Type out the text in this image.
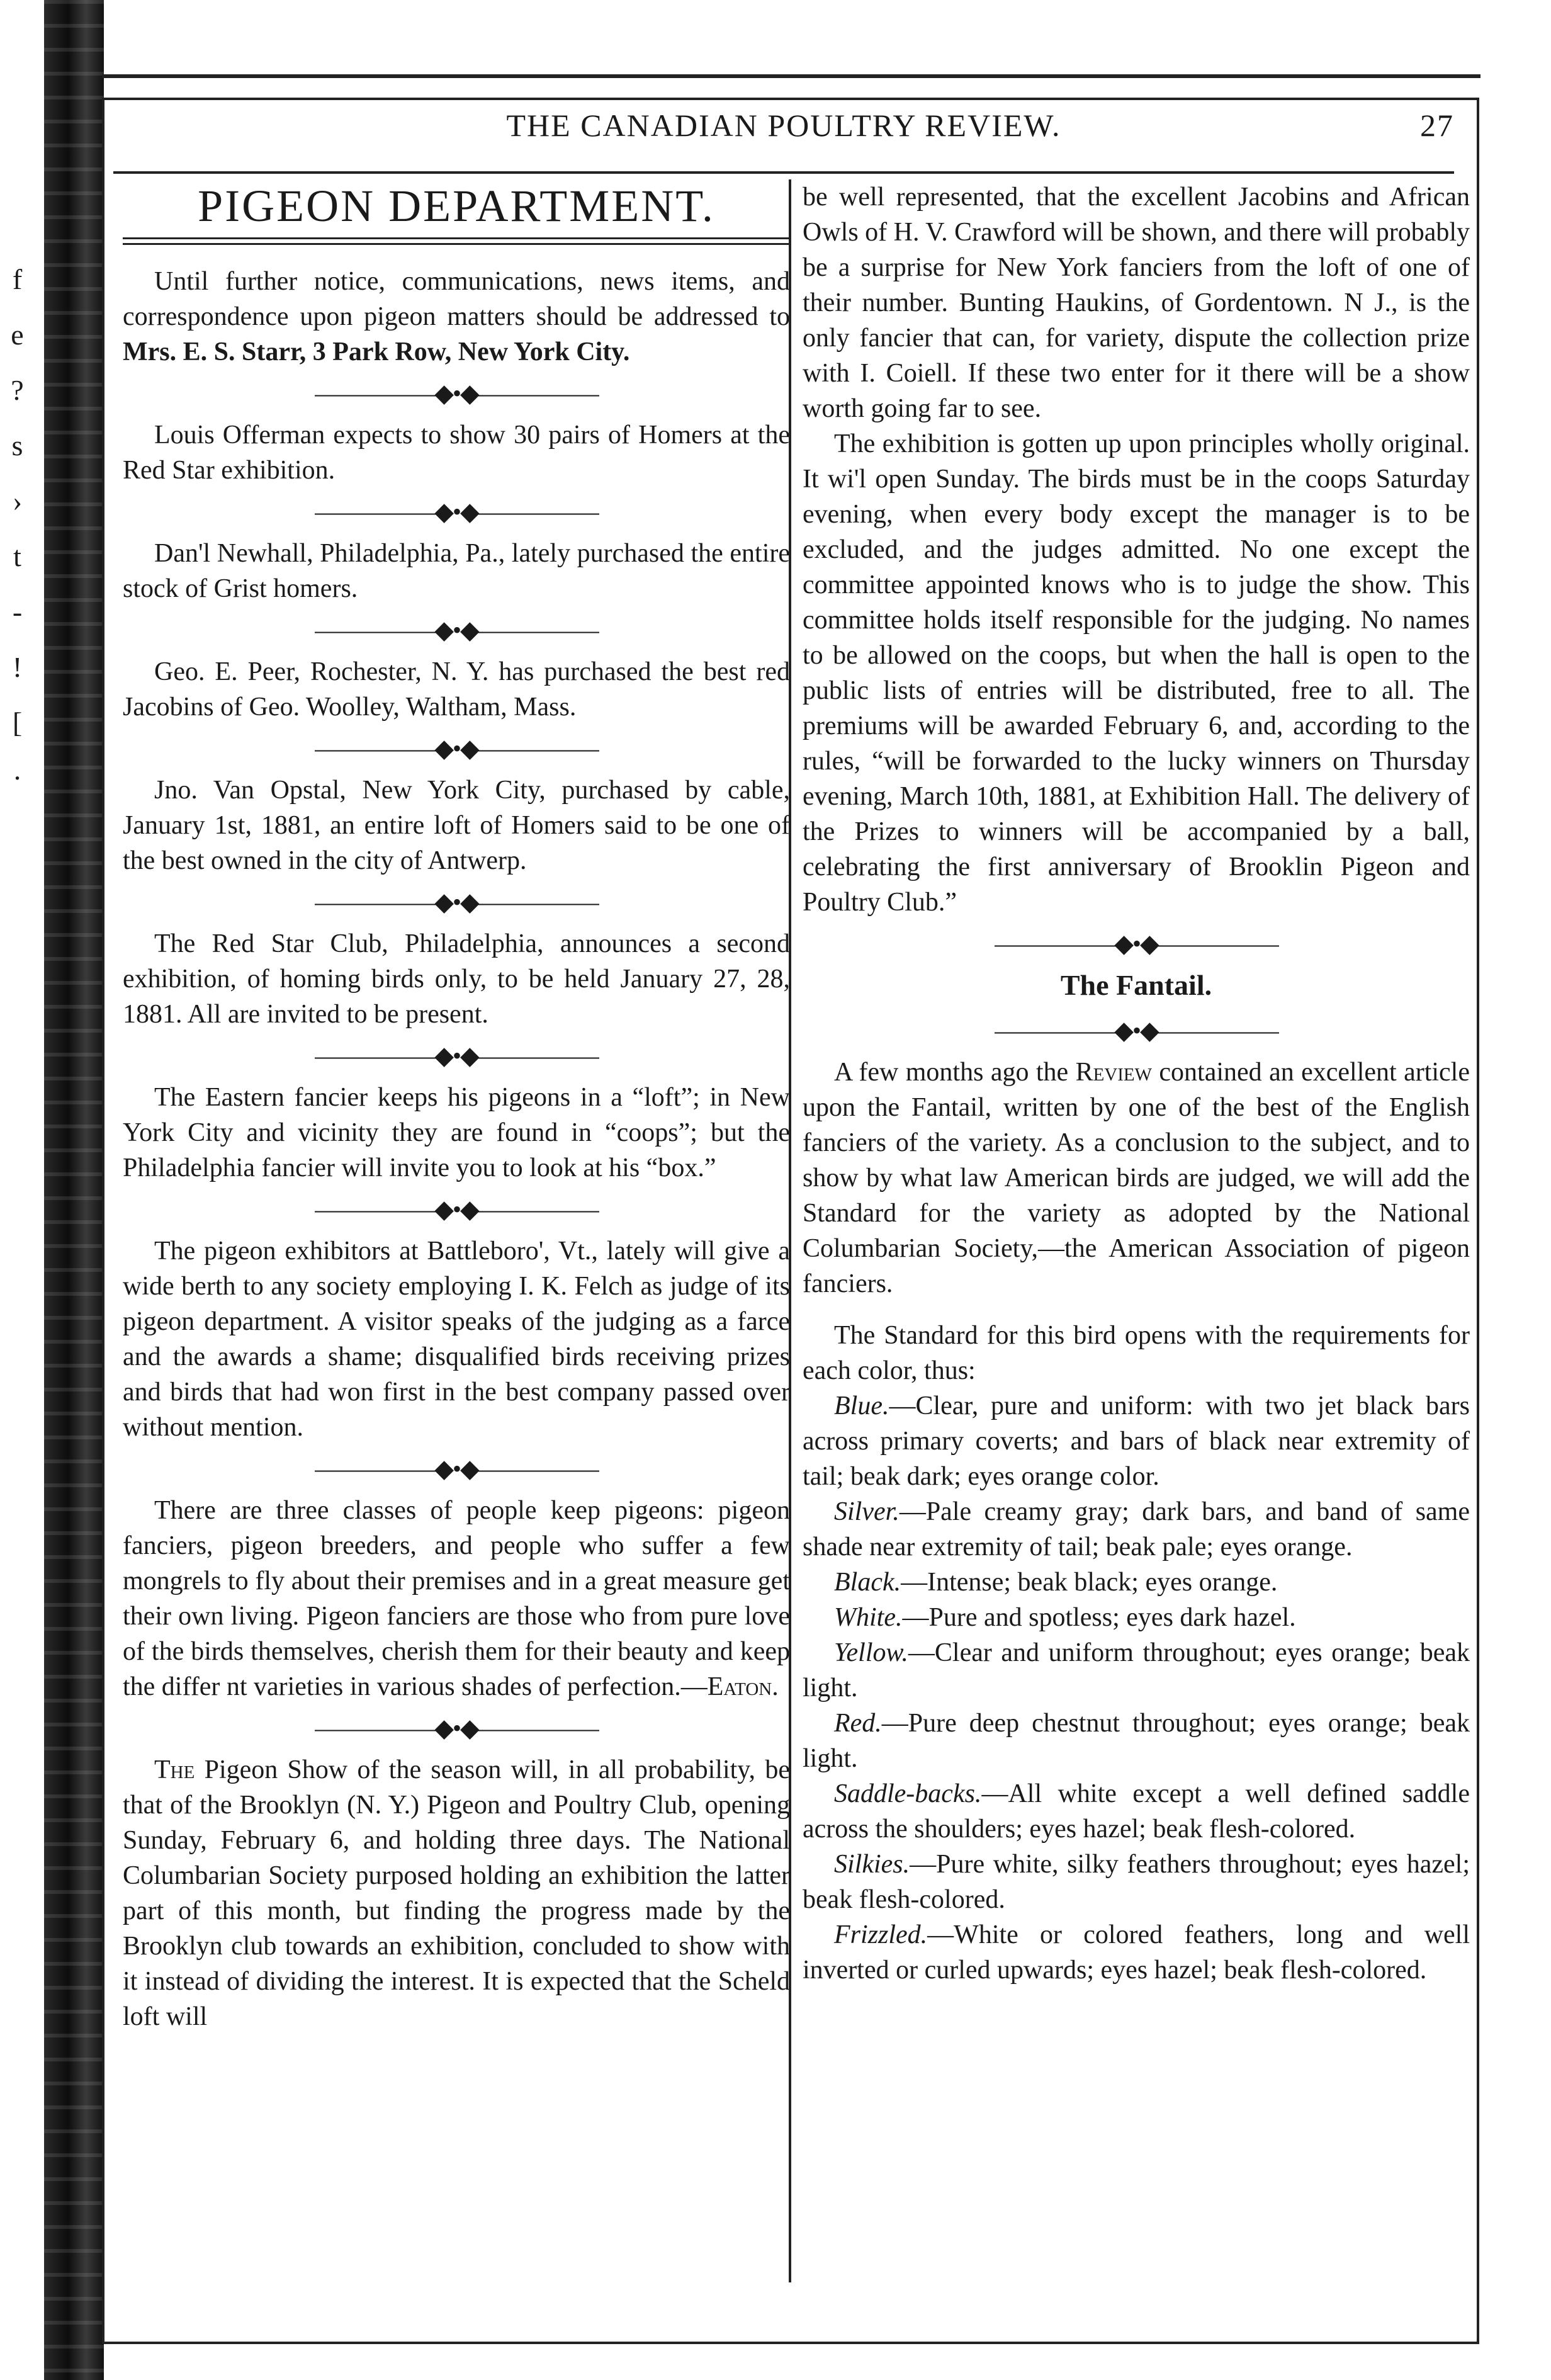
f
e
?
s
›
t
-
!
[
·
THE CANADIAN POULTRY REVIEW.	27
PIGEON DEPARTMENT.

Until further notice, communications, news items, and correspondence upon pigeon matters should be addressed to Mrs. E. S. Starr, 3 Park Row, New York City.

—————◆•◆—————

Louis Offerman expects to show 30 pairs of Homers at the Red Star exhibition.

—————◆•◆—————

Dan'l Newhall, Philadelphia, Pa., lately purchased the entire stock of Grist homers.

—————◆•◆—————

Geo. E. Peer, Rochester, N. Y. has purchased the best red Jacobins of Geo. Woolley, Waltham, Mass.

—————◆•◆—————

Jno. Van Opstal, New York City, purchased by cable, January 1st, 1881, an entire loft of Homers said to be one of the best owned in the city of Antwerp.

—————◆•◆—————

The Red Star Club, Philadelphia, announces a second exhibition, of homing birds only, to be held January 27, 28, 1881. All are invited to be present.

—————◆•◆—————

The Eastern fancier keeps his pigeons in a “loft”; in New York City and vicinity they are found in “coops”; but the Philadelphia fancier will invite you to look at his “box.”

—————◆•◆—————

The pigeon exhibitors at Battleboro', Vt., lately will give a wide berth to any society employing I. K. Felch as judge of its pigeon department. A visitor speaks of the judging as a farce and the awards a shame; disqualified birds receiving prizes and birds that had won first in the best company passed over without mention.

—————◆•◆—————

There are three classes of people keep pigeons: pigeon fanciers, pigeon breeders, and people who suffer a few mongrels to fly about their premises and in a great measure get their own living. Pigeon fanciers are those who from pure love of the birds themselves, cherish them for their beauty and keep the differ nt varieties in various shades of perfection.—Eaton.

—————◆•◆—————

The Pigeon Show of the season will, in all probability, be that of the Brooklyn (N. Y.) Pigeon and Poultry Club, opening Sunday, February 6, and holding three days. The National Columbarian Society purposed holding an exhibition the latter part of this month, but finding the progress made by the Brooklyn club towards an exhibition, concluded to show with it instead of dividing the interest. It is expected that the Scheld loft will

be well represented, that the excellent Jacobins and African Owls of H. V. Crawford will be shown, and there will probably be a surprise for New York fanciers from the loft of one of their number. Bunting Haukins, of Gordentown. N J., is the only fancier that can, for variety, dispute the collection prize with I. Coiell. If these two enter for it there will be a show worth going far to see.

The exhibition is gotten up upon principles wholly original. It wi'l open Sunday. The birds must be in the coops Saturday evening, when every body except the manager is to be excluded, and the judges admitted. No one except the committee appointed knows who is to judge the show. This committee holds itself responsible for the judging. No names to be allowed on the coops, but when the hall is open to the public lists of entries will be distributed, free to all. The premiums will be awarded February 6, and, according to the rules, “will be forwarded to the lucky winners on Thursday evening, March 10th, 1881, at Exhibition Hall. The delivery of the Prizes to winners will be accompanied by a ball, celebrating the first anniversary of Brooklin Pigeon and Poultry Club.”

—————◆•◆—————
The Fantail.
—————◆•◆—————

A few months ago the Review contained an excellent article upon the Fantail, written by one of the best of the English fanciers of the variety. As a conclusion to the subject, and to show by what law American birds are judged, we will add the Standard for the variety as adopted by the National Columbarian Society,—the American Association of pigeon fanciers.

The Standard for this bird opens with the requirements for each color, thus:

Blue.—Clear, pure and uniform: with two jet black bars across primary coverts; and bars of black near extremity of tail; beak dark; eyes orange color.

Silver.—Pale creamy gray; dark bars, and band of same shade near extremity of tail; beak pale; eyes orange.

Black.—Intense; beak black; eyes orange.

White.—Pure and spotless; eyes dark hazel.

Yellow.—Clear and uniform throughout; eyes orange; beak light.

Red.—Pure deep chestnut throughout; eyes orange; beak light.

Saddle-backs.—All white except a well defined saddle across the shoulders; eyes hazel; beak flesh-colored.

Silkies.—Pure white, silky feathers throughout; eyes hazel; beak flesh-colored.

Frizzled.—White or colored feathers, long and well inverted or curled upwards; eyes hazel; beak flesh-colored.
